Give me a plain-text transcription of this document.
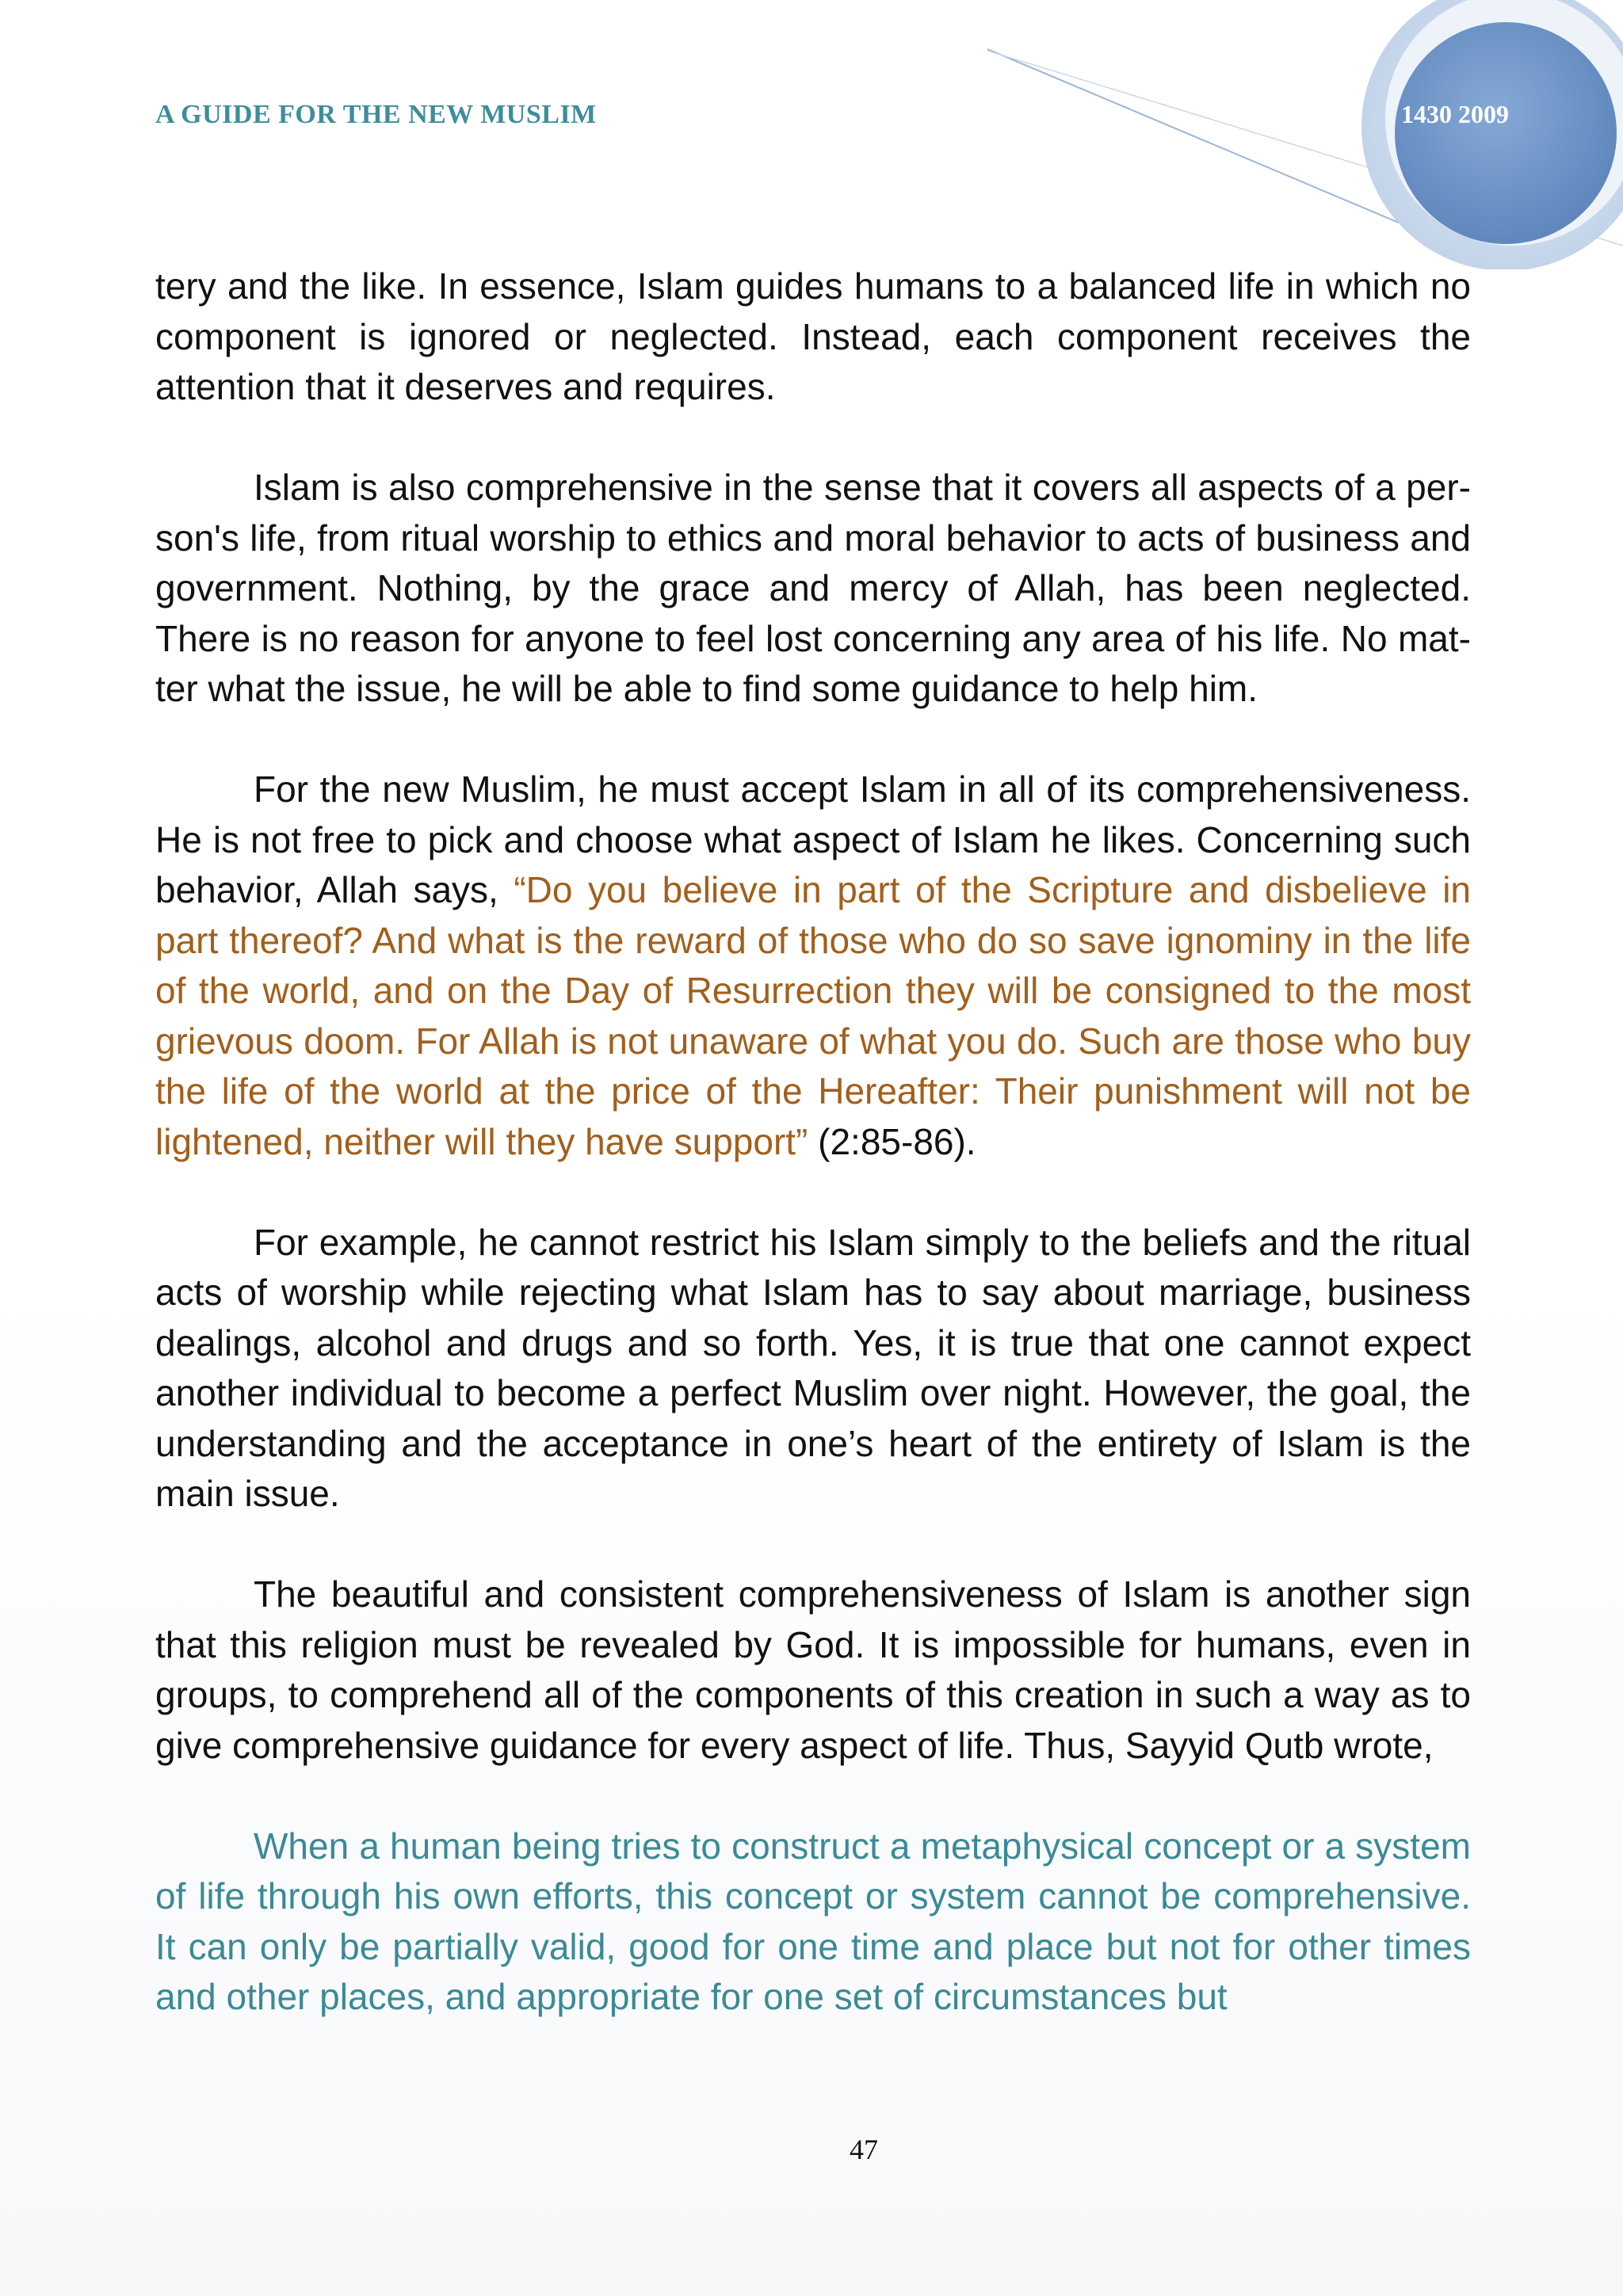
A GUIDE FOR THE NEW MUSLIM	1430 2009

tery and the like. In essence, Islam guides humans to a balanced life in which no component is ignored or neglected. Instead, each component receives the attention that it deserves and requires.

Islam is also comprehensive in the sense that it covers all aspects of a person's life, from ritual worship to ethics and moral behavior to acts of business and government. Nothing, by the grace and mercy of Allah, has been neglected. There is no reason for anyone to feel lost concerning any area of his life. No matter what the issue, he will be able to find some guidance to help him.

For the new Muslim, he must accept Islam in all of its comprehensiveness. He is not free to pick and choose what aspect of Islam he likes. Concerning such behavior, Allah says, “Do you believe in part of the Scripture and disbelieve in part thereof? And what is the reward of those who do so save ignominy in the life of the world, and on the Day of Resurrection they will be consigned to the most grievous doom. For Allah is not unaware of what you do. Such are those who buy the life of the world at the price of the Hereafter: Their punishment will not be lightened, neither will they have support” (2:85-86).

For example, he cannot restrict his Islam simply to the beliefs and the ritual acts of worship while rejecting what Islam has to say about marriage, business dealings, alcohol and drugs and so forth. Yes, it is true that one cannot expect another individual to become a perfect Muslim over night. However, the goal, the understanding and the acceptance in one’s heart of the entirety of Islam is the main issue.

The beautiful and consistent comprehensiveness of Islam is another sign that this religion must be revealed by God. It is impossible for humans, even in groups, to comprehend all of the components of this creation in such a way as to give comprehensive guidance for every aspect of life. Thus, Sayyid Qutb wrote,

When a human being tries to construct a metaphysical concept or a system of life through his own efforts, this concept or system cannot be comprehensive. It can only be partially valid, good for one time and place but not for other times and other places, and appropriate for one set of circumstances but

47
